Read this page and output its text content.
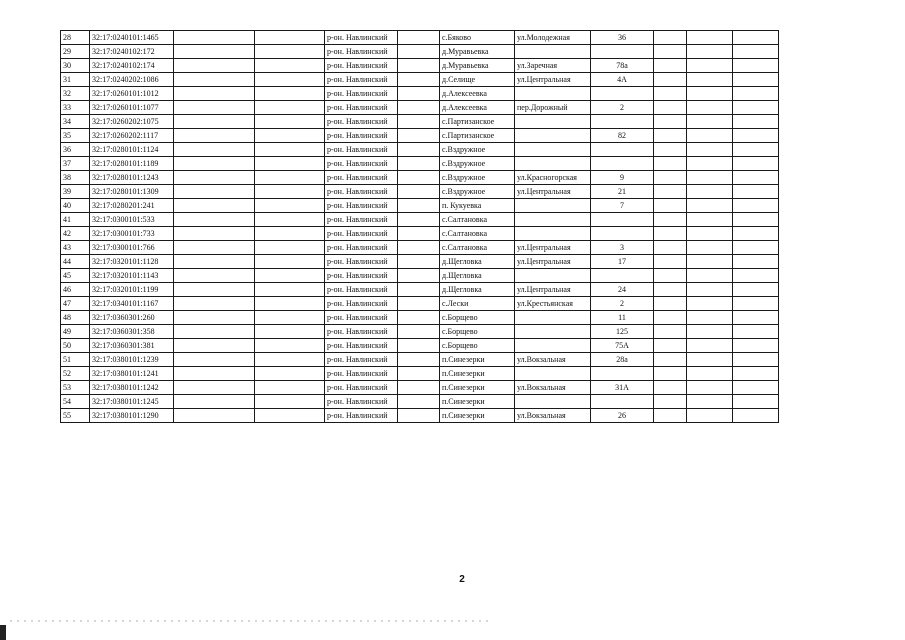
28	32:17:0240101:1465			р-он. Навлинский		с.Бяково	ул.Молодежная	36			
29	32:17:0240102:172			р-он. Навлинский		д.Муравьевка					
30	32:17:0240102:174			р-он. Навлинский		д.Муравьевка	ул.Заречная	78а			
31	32:17:0240202:1086			р-он. Навлинский		д.Селище	ул.Центральная	4А			
32	32:17:0260101:1012			р-он. Навлинский		д.Алексеевка					
33	32:17:0260101:1077			р-он. Навлинский		д.Алексеевка	пер.Дорожный	2			
34	32:17:0260202:1075			р-он. Навлинский		с.Партизанское					
35	32:17:0260202:1117			р-он. Навлинский		с.Партизанское		82			
36	32:17:0280101:1124			р-он. Навлинский		с.Вздружное					
37	32:17:0280101:1189			р-он. Навлинский		с.Вздружное					
38	32:17:0280101:1243			р-он. Навлинский		с.Вздружное	ул.Красногорская	9			
39	32:17:0280101:1309			р-он. Навлинский		с.Вздружное	ул.Центральная	21			
40	32:17:0280201:241			р-он. Навлинский		п. Кукуевка		7			
41	32:17:0300101:533			р-он. Навлинский		с.Салтановка					
42	32:17:0300101:733			р-он. Навлинский		с.Салтановка					
43	32:17:0300101:766			р-он. Навлинский		с.Салтановка	ул.Центральная	3			
44	32:17:0320101:1128			р-он. Навлинский		д.Щегловка	ул.Центральная	17			
45	32:17:0320101:1143			р-он. Навлинский		д.Щегловка					
46	32:17:0320101:1199			р-он. Навлинский		д.Щегловка	ул.Центральная	24			
47	32:17:0340101:1167			р-он. Навлинский		с.Лески	ул.Крестьянская	2			
48	32:17:0360301:260			р-он. Навлинский		с.Борщево		11			
49	32:17:0360301:358			р-он. Навлинский		с.Борщево		125			
50	32:17:0360301:381			р-он. Навлинский		с.Борщево		75А			
51	32:17:0380101:1239			р-он. Навлинский		п.Синезерки	ул.Вокзальная	28а			
52	32:17:0380101:1241			р-он. Навлинский		п.Синезерки					
53	32:17:0380101:1242			р-он. Навлинский		п.Синезерки	ул.Вокзальная	31А			
54	32:17:0380101:1245			р-он. Навлинский		п.Синезерки					
55	32:17:0380101:1290			р-он. Навлинский		п.Синезерки	ул.Вокзальная	26			
2
